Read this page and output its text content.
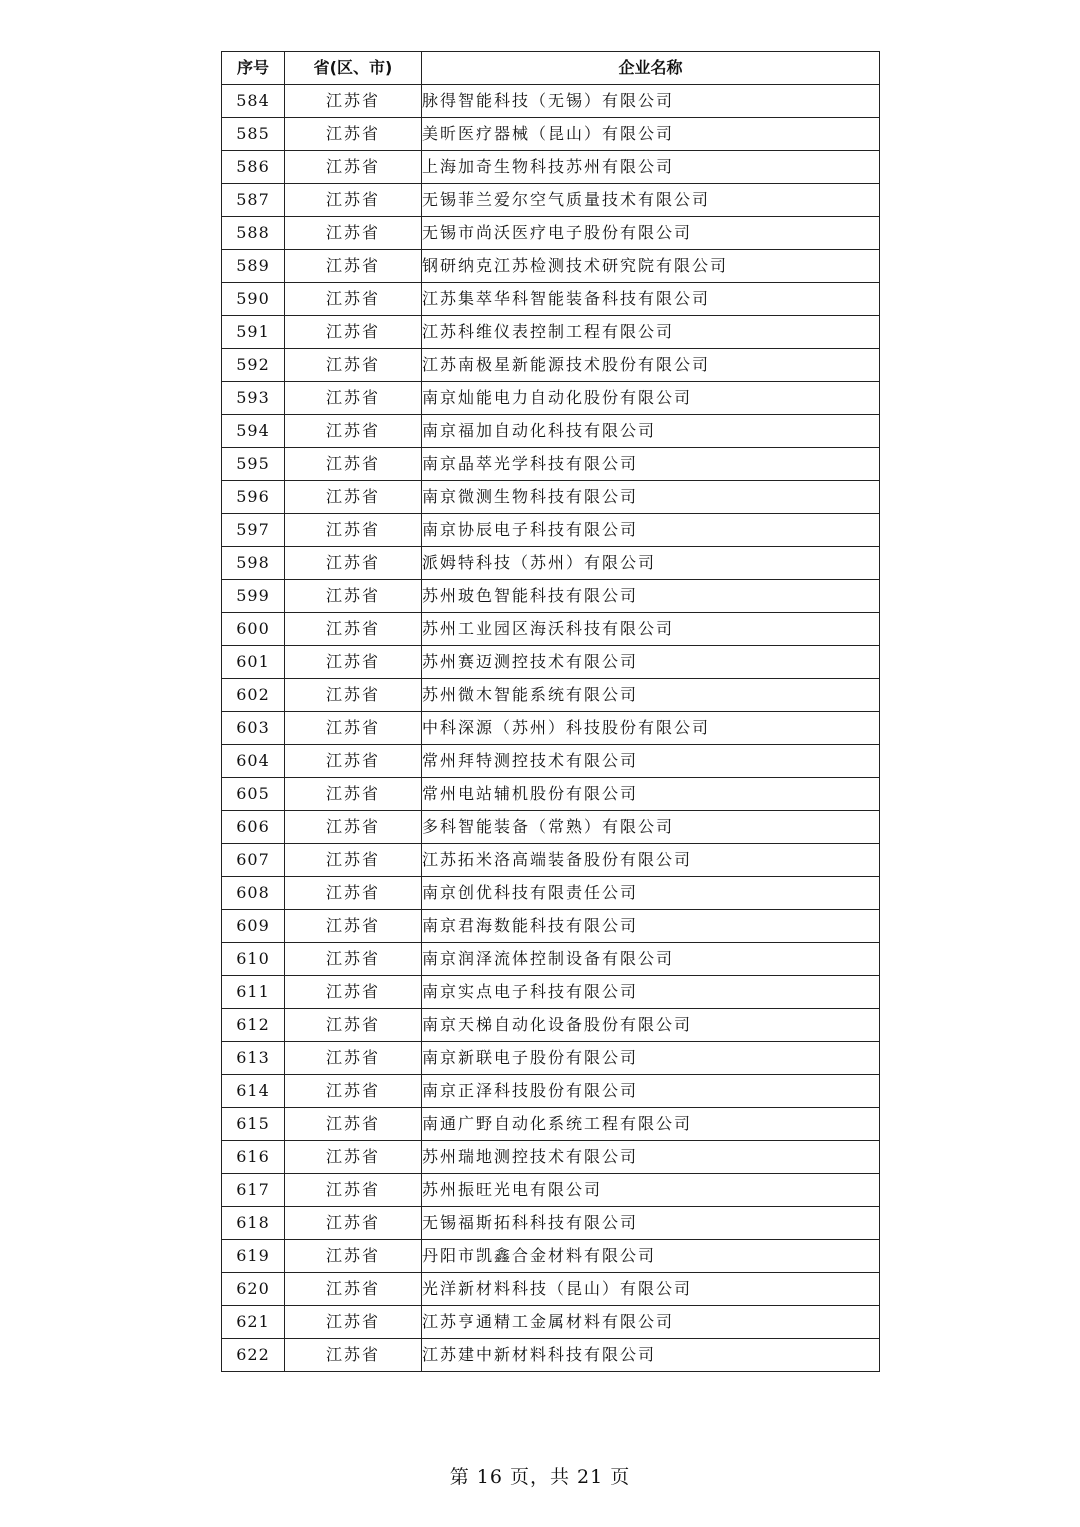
序号	省(区、市)	企业名称
584	江苏省	脉得智能科技（无锡）有限公司
585	江苏省	美昕医疗器械（昆山）有限公司
586	江苏省	上海加奇生物科技苏州有限公司
587	江苏省	无锡菲兰爱尔空气质量技术有限公司
588	江苏省	无锡市尚沃医疗电子股份有限公司
589	江苏省	钢研纳克江苏检测技术研究院有限公司
590	江苏省	江苏集萃华科智能装备科技有限公司
591	江苏省	江苏科维仪表控制工程有限公司
592	江苏省	江苏南极星新能源技术股份有限公司
593	江苏省	南京灿能电力自动化股份有限公司
594	江苏省	南京福加自动化科技有限公司
595	江苏省	南京晶萃光学科技有限公司
596	江苏省	南京微测生物科技有限公司
597	江苏省	南京协辰电子科技有限公司
598	江苏省	派姆特科技（苏州）有限公司
599	江苏省	苏州玻色智能科技有限公司
600	江苏省	苏州工业园区海沃科技有限公司
601	江苏省	苏州赛迈测控技术有限公司
602	江苏省	苏州微木智能系统有限公司
603	江苏省	中科深源（苏州）科技股份有限公司
604	江苏省	常州拜特测控技术有限公司
605	江苏省	常州电站辅机股份有限公司
606	江苏省	多科智能装备（常熟）有限公司
607	江苏省	江苏拓米洛高端装备股份有限公司
608	江苏省	南京创优科技有限责任公司
609	江苏省	南京君海数能科技有限公司
610	江苏省	南京润泽流体控制设备有限公司
611	江苏省	南京实点电子科技有限公司
612	江苏省	南京天梯自动化设备股份有限公司
613	江苏省	南京新联电子股份有限公司
614	江苏省	南京正泽科技股份有限公司
615	江苏省	南通广野自动化系统工程有限公司
616	江苏省	苏州瑞地测控技术有限公司
617	江苏省	苏州振旺光电有限公司
618	江苏省	无锡福斯拓科科技有限公司
619	江苏省	丹阳市凯鑫合金材料有限公司
620	江苏省	光洋新材料科技（昆山）有限公司
621	江苏省	江苏亨通精工金属材料有限公司
622	江苏省	江苏建中新材料科技有限公司
第 16 页，共 21 页
